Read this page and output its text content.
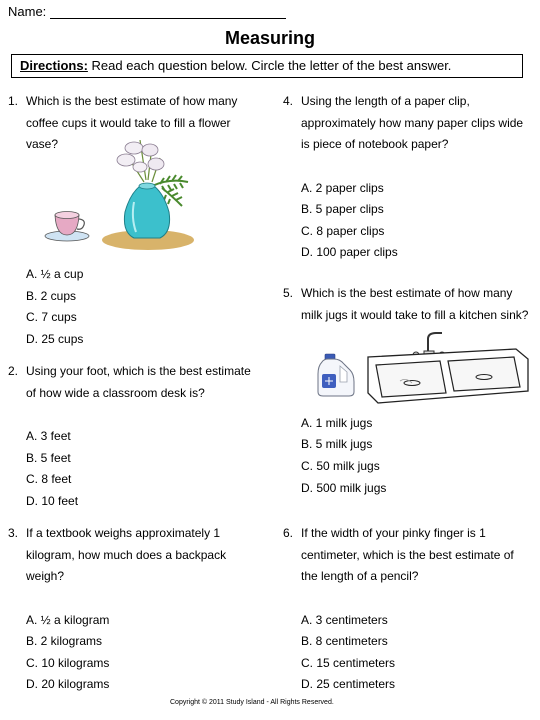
Name:
Measuring
Directions: Read each question below. Circle the letter of the best answer.
1. Which is the best estimate of how many
coffee cups it would take to fill a flower
vase?
A. ½ a cup
B. 2 cups
C. 7 cups
D. 25 cups
2. Using your foot, which is the best estimate
of how wide a classroom desk is?
A. 3 feet
B. 5 feet
C. 8 feet
D. 10 feet
3. If a textbook weighs approximately 1
kilogram, how much does a backpack
weigh?
A. ½ a kilogram
B. 2 kilograms
C. 10 kilograms
D. 20 kilograms
4. Using the length of a paper clip,
approximately how many paper clips wide
is piece of notebook paper?
A. 2 paper clips
B. 5 paper clips
C. 8 paper clips
D. 100 paper clips
5. Which is the best estimate of how many
milk jugs it would take to fill a kitchen sink?
A. 1 milk jugs
B. 5 milk jugs
C. 50 milk jugs
D. 500 milk jugs
6. If the width of your pinky finger is 1
centimeter, which is the best estimate of
the length of a pencil?
A. 3 centimeters
B. 8 centimeters
C. 15 centimeters
D. 25 centimeters
Copyright © 2011 Study Island - All Rights Reserved.
